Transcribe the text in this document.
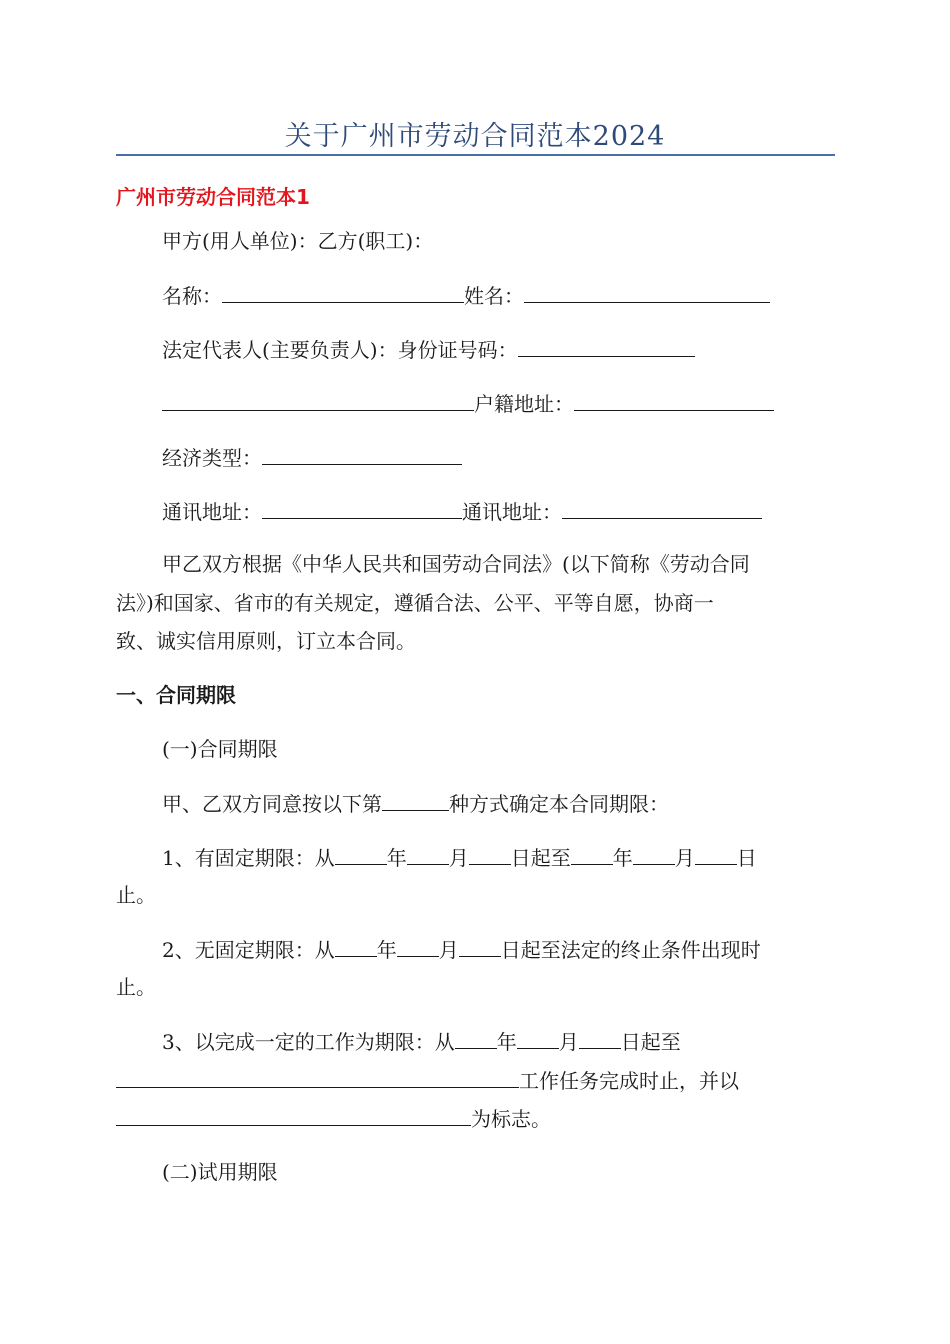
关于广州市劳动合同范本2024
广州市劳动合同范本1

甲方(用人单位)：乙方(职工)：

名称：	姓名：

法定代表人(主要负责人)：身份证号码：

户籍地址：

经济类型：

通讯地址：	通讯地址：

甲乙双方根据《中华人民共和国劳动合同法》(以下简称《劳动合同

法》)和国家、省市的有关规定，遵循合法、公平、平等自愿，协商一

致、诚实信用原则，订立本合同。

一、合同期限

(一)合同期限

甲、乙双方同意按以下第	种方式确定本合同期限：

1、有固定期限：从	年 月 日起至 年 月 日

止。

2、无固定期限：从 年 月 日起至法定的终止条件出现时

止。

3、以完成一定的工作为期限：从 年 月 日起至

工作任务完成时止，并以

为标志。

(二)试用期限
